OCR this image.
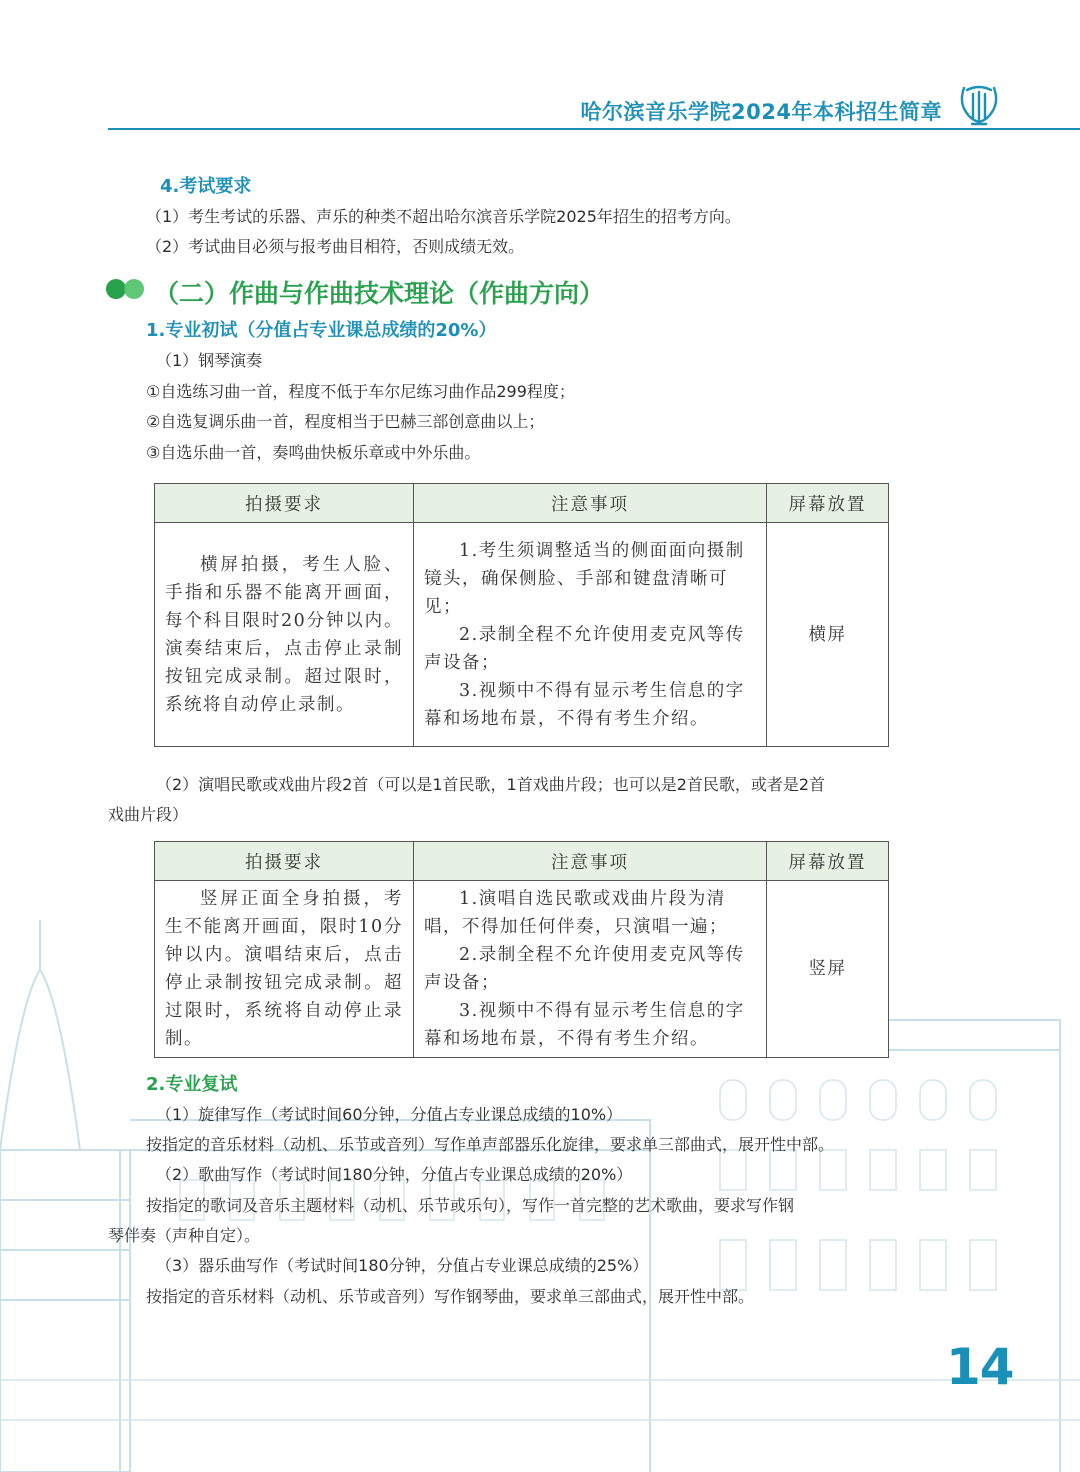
哈尔滨音乐学院2024年本科招生简章
4.考试要求
（1）考生考试的乐器、声乐的种类不超出哈尔滨音乐学院2025年招生的招考方向。
（2）考试曲目必须与报考曲目相符，否则成绩无效。
（二）作曲与作曲技术理论（作曲方向）
1.专业初试（分值占专业课总成绩的20%）
（1）钢琴演奏
①自选练习曲一首，程度不低于车尔尼练习曲作品299程度；
②自选复调乐曲一首，程度相当于巴赫三部创意曲以上；
③自选乐曲一首，奏鸣曲快板乐章或中外乐曲。
拍摄要求	注意事项	屏幕放置

横屏拍摄，考生人脸、手指和乐器不能离开画面，每个科目限时20分钟以内。演奏结束后，点击停止录制按钮完成录制。超过限时，系统将自动停止录制。	1.考生须调整适当的侧面面向摄制镜头，确保侧脸、手部和键盘清晰可见；
2.录制全程不允许使用麦克风等传声设备；
3.视频中不得有显示考生信息的字幕和场地布景，不得有考生介绍。	横屏
（2）演唱民歌或戏曲片段2首（可以是1首民歌，1首戏曲片段；也可以是2首民歌，或者是2首
戏曲片段）
拍摄要求	注意事项	屏幕放置

竖屏正面全身拍摄，考生不能离开画面，限时10分钟以内。演唱结束后，点击停止录制按钮完成录制。超过限时，系统将自动停止录制。	1.演唱自选民歌或戏曲片段为清唱，不得加任何伴奏，只演唱一遍；
2.录制全程不允许使用麦克风等传声设备；
3.视频中不得有显示考生信息的字幕和场地布景，不得有考生介绍。	竖屏
2.专业复试
（1）旋律写作（考试时间60分钟，分值占专业课总成绩的10%）
按指定的音乐材料（动机、乐节或音列）写作单声部器乐化旋律，要求单三部曲式，展开性中部。
（2）歌曲写作（考试时间180分钟，分值占专业课总成绩的20%）
按指定的歌词及音乐主题材料（动机、乐节或乐句），写作一首完整的艺术歌曲，要求写作钢
琴伴奏（声种自定）。
（3）器乐曲写作（考试时间180分钟，分值占专业课总成绩的25%）
按指定的音乐材料（动机、乐节或音列）写作钢琴曲，要求单三部曲式，展开性中部。
14
